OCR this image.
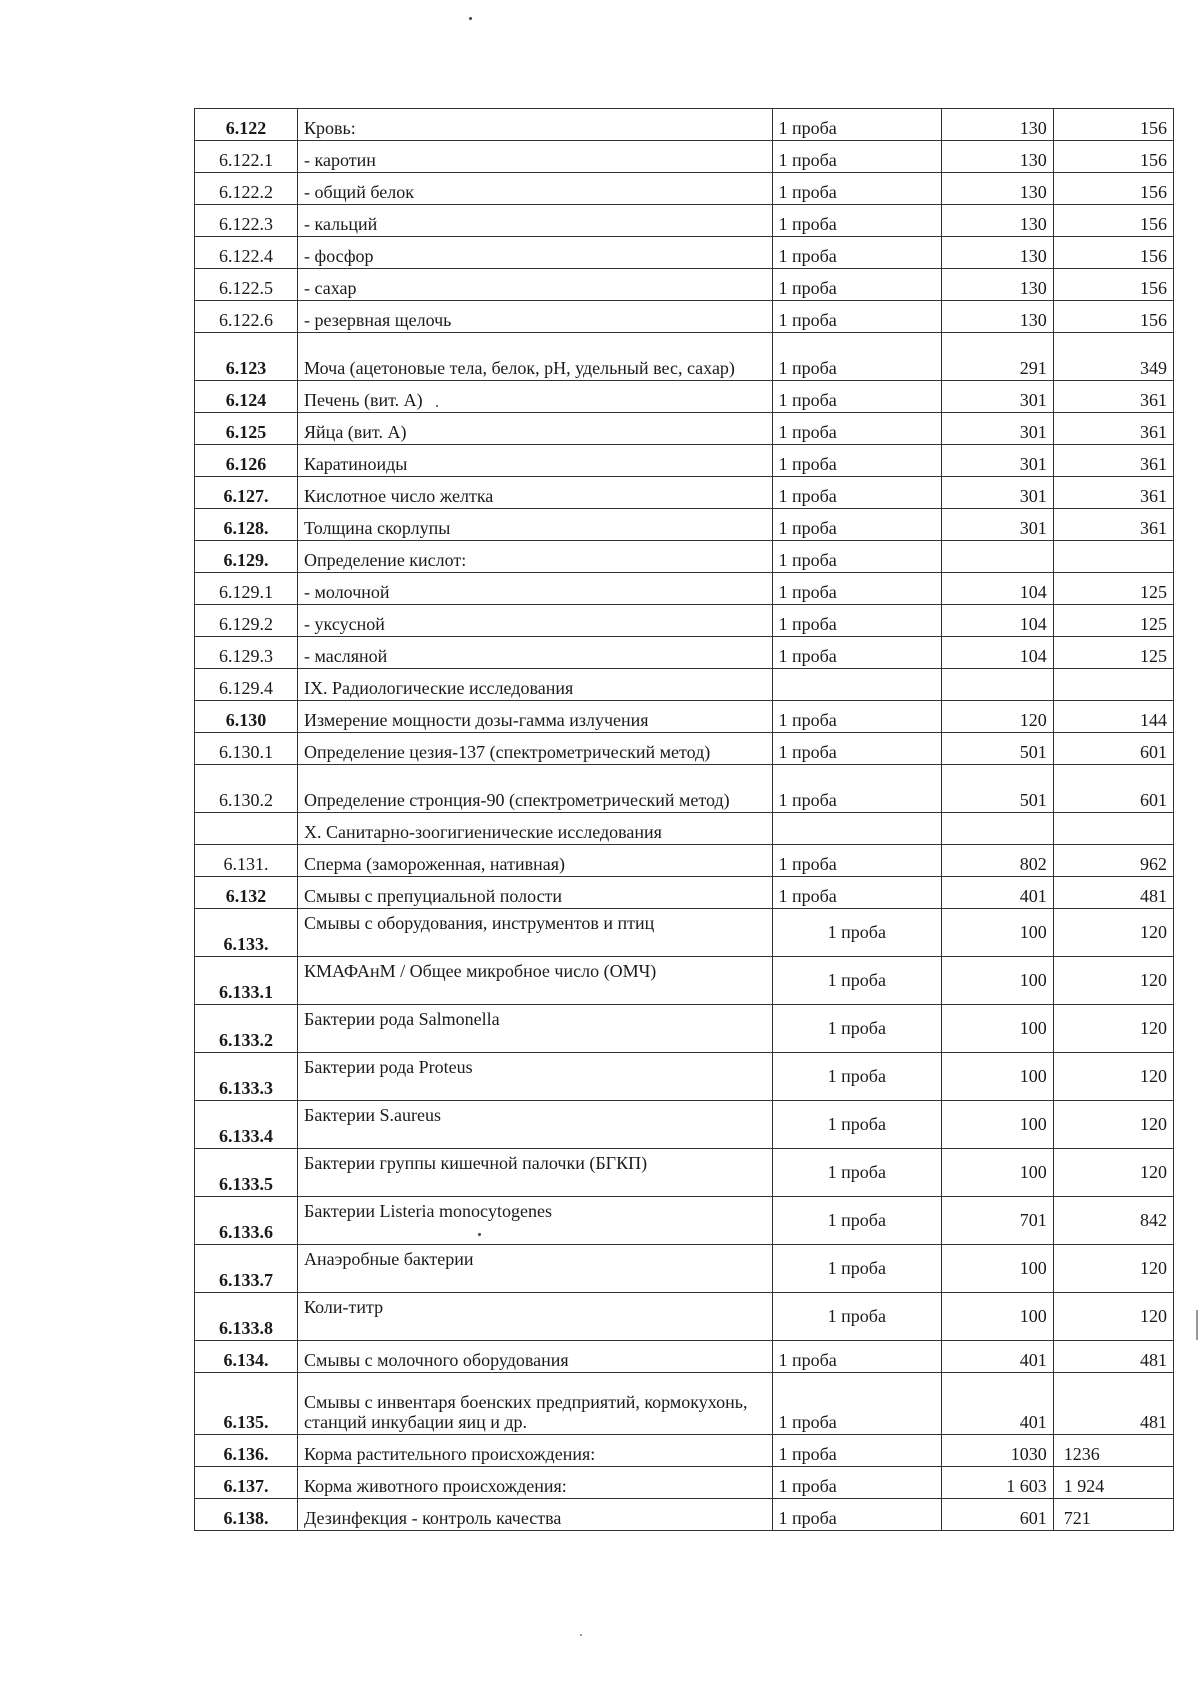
6.122	Кровь:	1 проба	130	156
6.122.1	- каротин	1 проба	130	156
6.122.2	- общий белок	1 проба	130	156
6.122.3	- кальций	1 проба	130	156
6.122.4	- фосфор	1 проба	130	156
6.122.5	- сахар	1 проба	130	156
6.122.6	- резервная щелочь	1 проба	130	156
6.123	Моча (ацетоновые тела, белок, pH, удельный вес, сахар)	1 проба	291	349
6.124	Печень (вит. А)	1 проба	301	361
6.125	Яйца (вит. А)	1 проба	301	361
6.126	Каратиноиды	1 проба	301	361
6.127.	Кислотное число желтка	1 проба	301	361
6.128.	Толщина скорлупы	1 проба	301	361
6.129.	Определение кислот:	1 проба		
6.129.1	- молочной	1 проба	104	125
6.129.2	- уксусной	1 проба	104	125
6.129.3	- масляной	1 проба	104	125
6.129.4	IX. Радиологические исследования			
6.130	Измерение мощности дозы-гамма излучения	1 проба	120	144
6.130.1	Определение цезия-137 (спектрометрический метод)	1 проба	501	601
6.130.2	Определение стронция-90 (спектрометрический метод)	1 проба	501	601
	Х. Санитарно-зоогигиенические исследования			
6.131.	Сперма (замороженная, нативная)	1 проба	802	962
6.132	Смывы с препуциальной полости	1 проба	401	481
6.133.	Смывы с оборудования, инструментов и птиц	1 проба	100	120
6.133.1	КМАФАнМ / Общее микробное число (ОМЧ)	1 проба	100	120
6.133.2	Бактерии рода Salmonella	1 проба	100	120
6.133.3	Бактерии рода Proteus	1 проба	100	120
6.133.4	Бактерии S.aureus	1 проба	100	120
6.133.5	Бактерии группы кишечной палочки (БГКП)	1 проба	100	120
6.133.6	Бактерии Listeria monocytogenes	1 проба	701	842
6.133.7	Анаэробные бактерии	1 проба	100	120
6.133.8	Коли-титр	1 проба	100	120
6.134.	Смывы с молочного оборудования	1 проба	401	481
6.135.	Смывы с инвентаря боенских предприятий, кормокухонь, станций инкубации яиц и др.	1 проба	401	481
6.136.	Корма растительного происхождения:	1 проба	1030	1236
6.137.	Корма животного происхождения:	1 проба	1 603	1 924
6.138.	Дезинфекция - контроль качества	1 проба	601	721
